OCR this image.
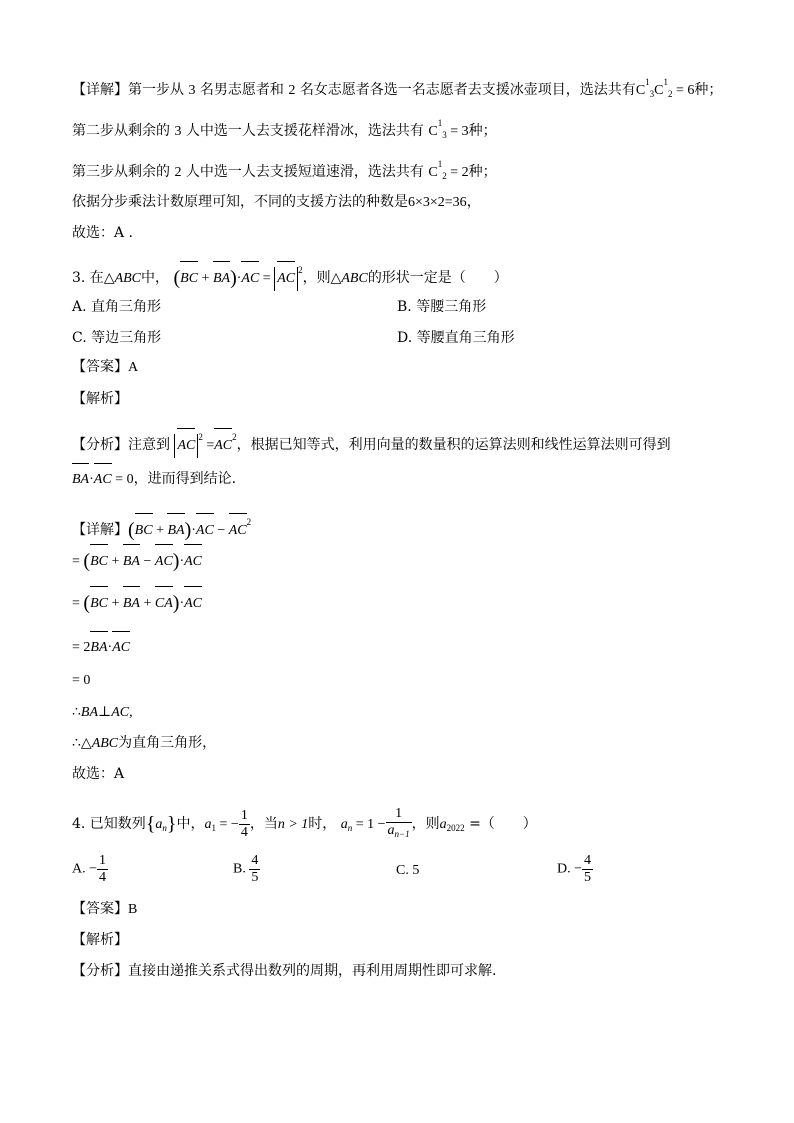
【详解】第一步从 3 名男志愿者和 2 名女志愿者各选一名志愿者去支援冰壶项目，选法共有$C^1_3C^1_2 = 6$种；
第二步从剩余的 3 人中选一人去支援花样滑冰，选法共有 $C^1_3 = 3$种；
第三步从剩余的 2 人中选一人去支援短道速滑，选法共有 $C^1_2 = 2$种；
依据分步乘法计数原理可知，不同的支援方法的种数是6×3×2=36，
故选：A .
3. 在△ABC中， $(BC + BA)\cdot AC = AC^2$，则△ABC的形状一定是（　　）
A. 直角三角形	B. 等腰三角形
C. 等边三角形	D. 等腰直角三角形
【答案】A
【解析】
【分析】注意到 $AC^2 =AC^2$，根据已知等式，利用向量的数量积的运算法则和线性运算法则可得到
BA·AC = 0，进而得到结论.
【详解】$(BC + BA)\cdot AC - AC^2$
= (BC + BA − AC)·AC
= (BC + BA + CA)·AC
= 2BA·AC
= 0
∴BA⊥AC,
∴△ABC为直角三角形，
故选：A
4. 已知数列$\{a_n\}$中，$a_1$ = − $\frac{1}{4}$ ，当n > 1时， $a_n = 1 - \frac{1}{a_{n-1}}$ ，则$a_{2022}$ =（　　）
A. − $\frac{1}{4}$	B. $\frac{4}{5}$	C. 5	D. − $\frac{4}{5}$
【答案】B
【解析】
【分析】直接由递推关系式得出数列的周期，再利用周期性即可求解.
